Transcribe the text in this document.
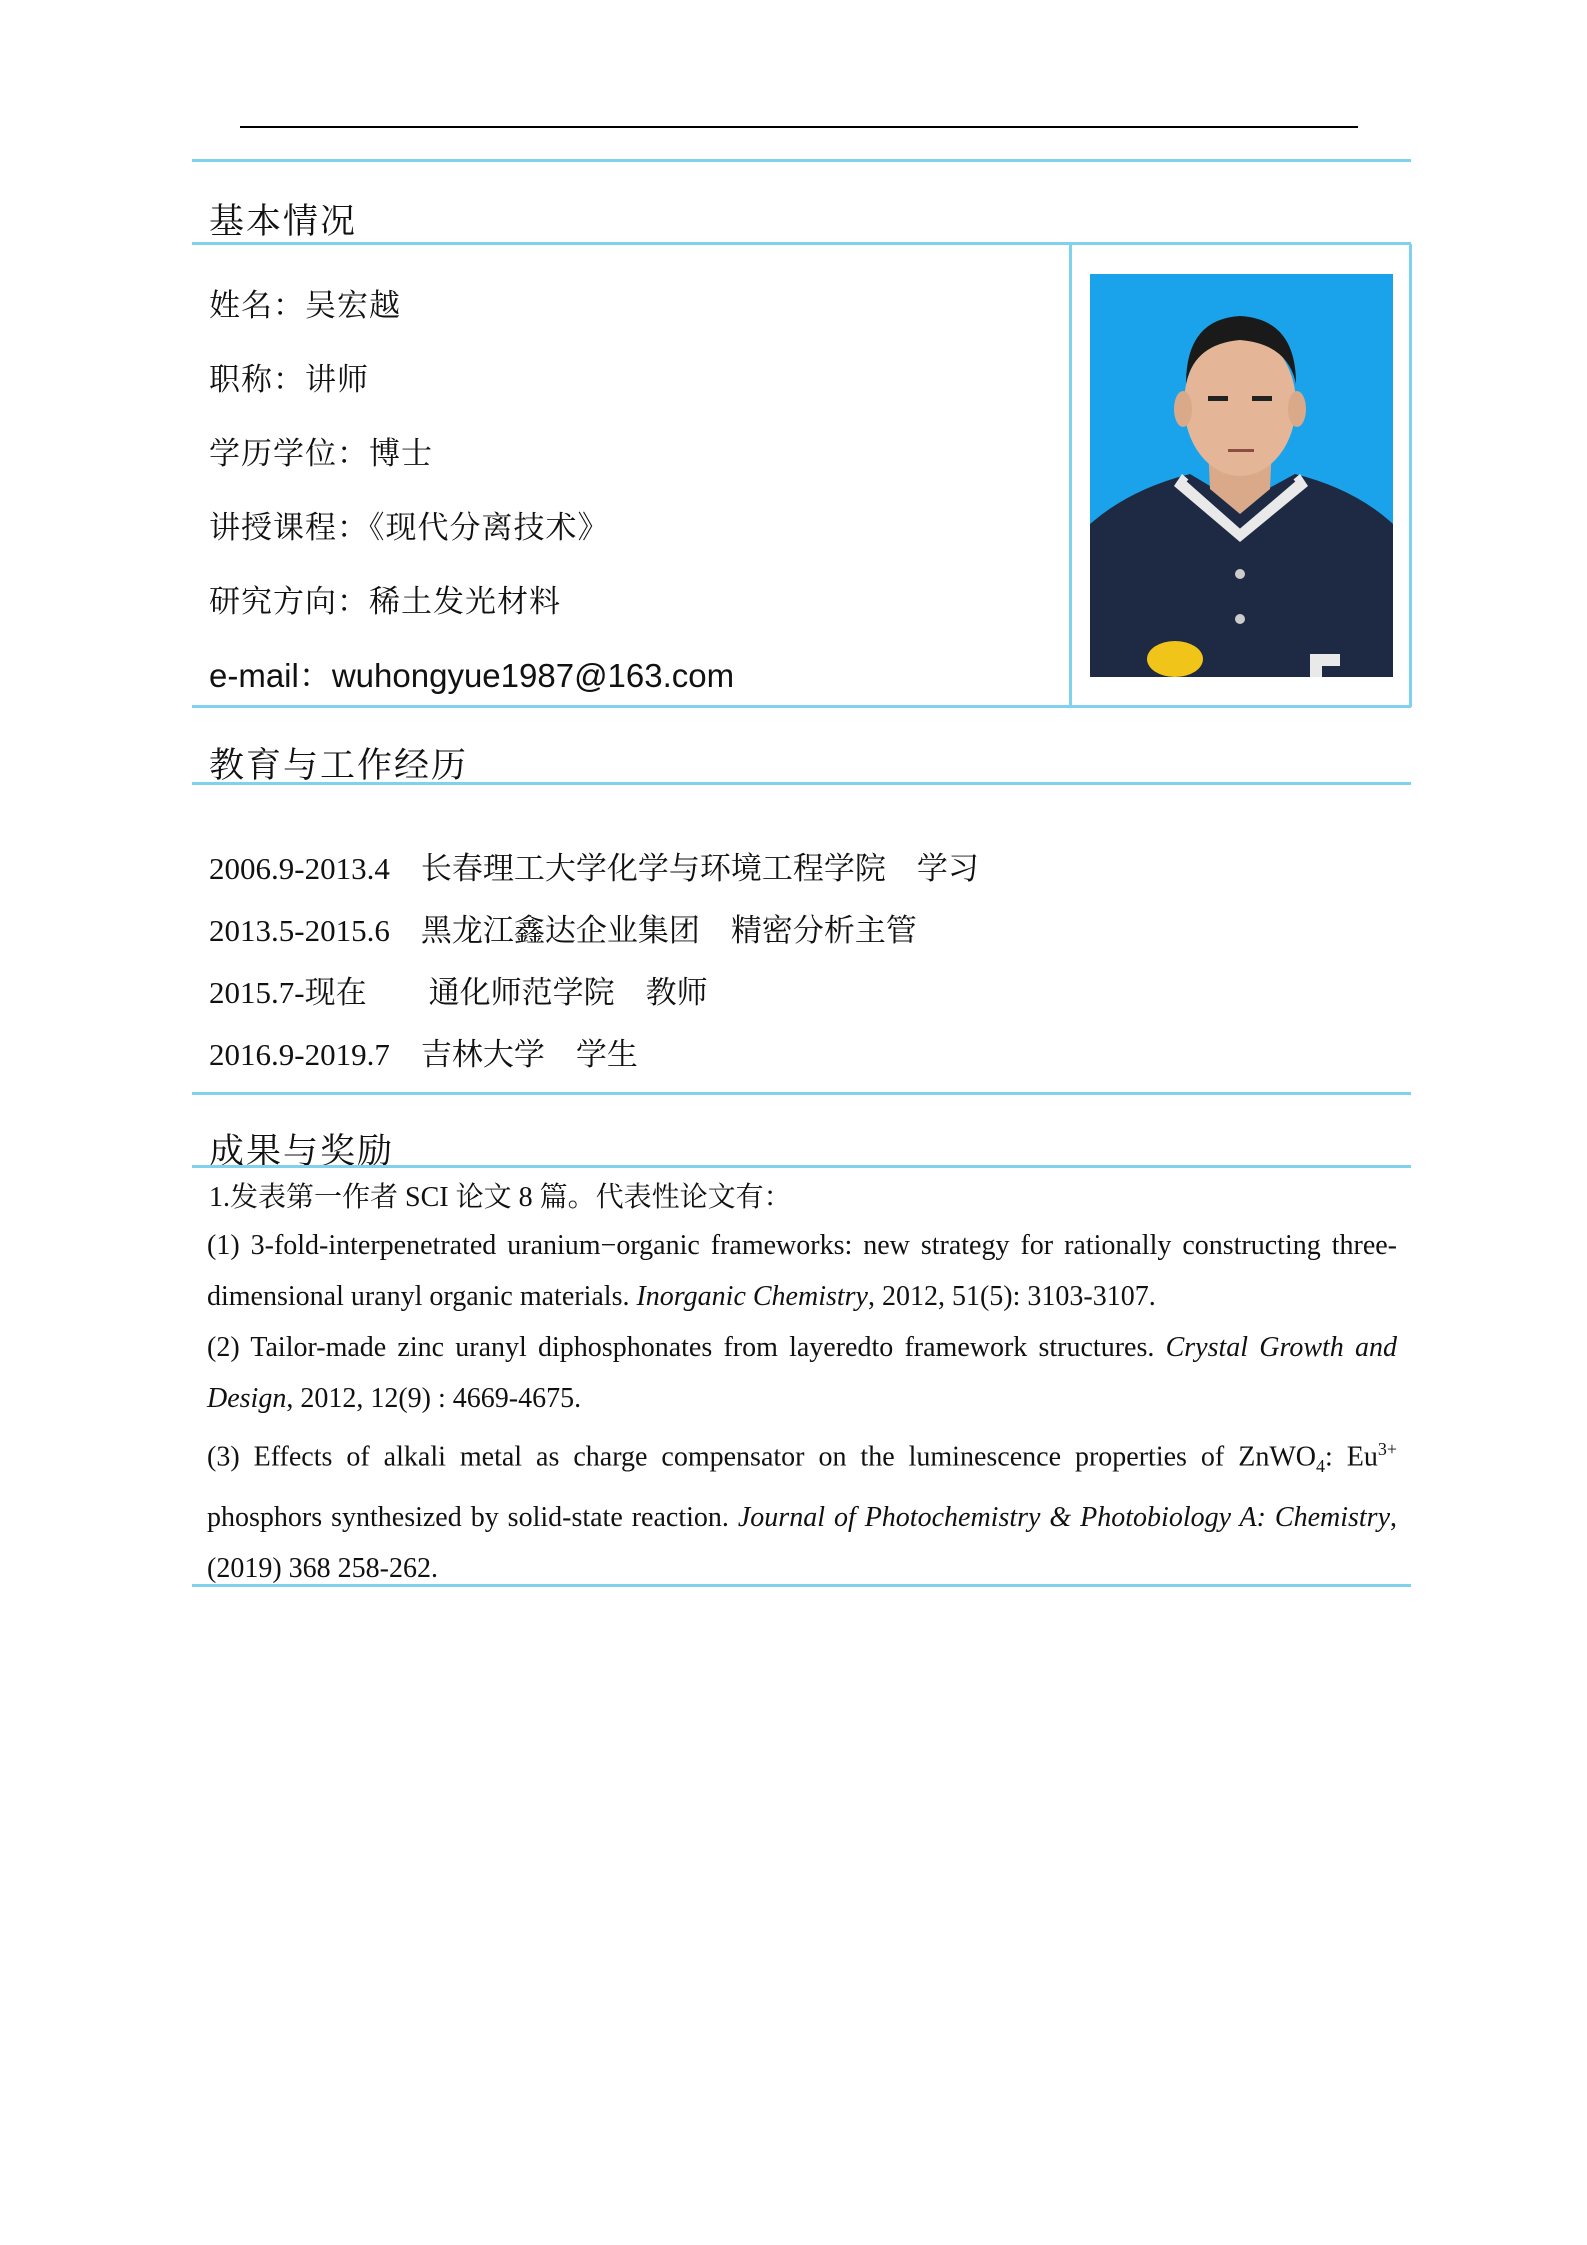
基本情况
姓名：吴宏越
职称：讲师
学历学位：博士
讲授课程：《现代分离技术》
研究方向：稀土发光材料
e-mail：wuhongyue1987@163.com
教育与工作经历
2006.9-2013.4    长春理工大学化学与环境工程学院    学习
2013.5-2015.6    黑龙江鑫达企业集团    精密分析主管
2015.7-现在        通化师范学院    教师
2016.9-2019.7    吉林大学    学生
成果与奖励
1.发表第一作者 SCI 论文 8 篇。代表性论文有：
(1) 3-fold-interpenetrated uranium−organic frameworks: new strategy for rationally constructing three-dimensional uranyl organic materials. Inorganic Chemistry, 2012, 51(5): 3103-3107.
(2) Tailor-made zinc uranyl diphosphonates from layeredto framework structures. Crystal Growth and Design, 2012, 12(9) : 4669-4675.
(3) Effects of alkali metal as charge compensator on the luminescence properties of ZnWO$_4$: $Eu^{3+}$ phosphors synthesized by solid-state reaction. Journal of Photochemistry & Photobiology A: Chemistry, (2019) 368 258-262.
